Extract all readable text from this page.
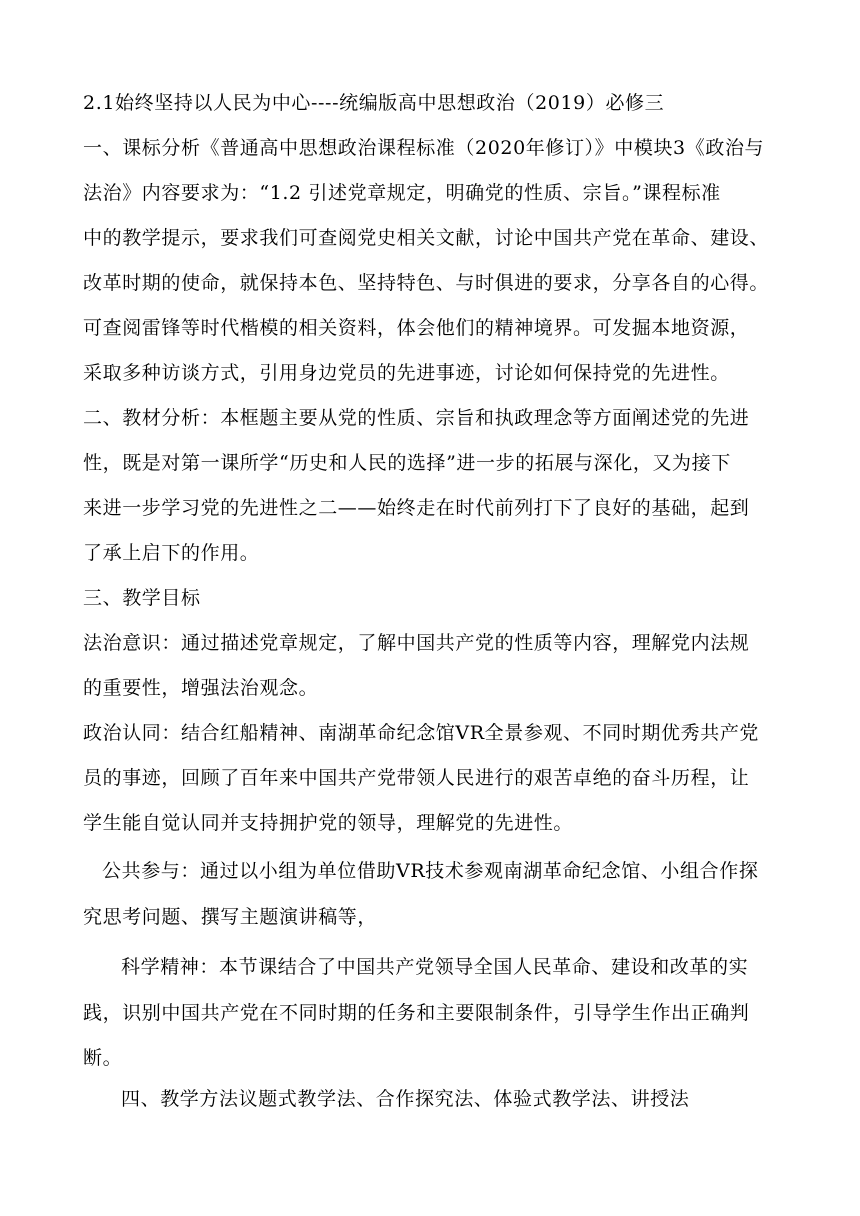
2.1始终坚持以人民为中心----统编版高中思想政治（2019）必修三
一、课标分析《普通高中思想政治课程标准（2020年修订）》中模块3《政治与
法治》内容要求为：“1.2 引述党章规定，明确党的性质、宗旨。”课程标准
中的教学提示，要求我们可查阅党史相关文献，讨论中国共产党在革命、建设、
改革时期的使命，就保持本色、坚持特色、与时俱进的要求，分享各自的心得。
可查阅雷锋等时代楷模的相关资料，体会他们的精神境界。可发掘本地资源，
采取多种访谈方式，引用身边党员的先进事迹，讨论如何保持党的先进性。
二、教材分析：本框题主要从党的性质、宗旨和执政理念等方面阐述党的先进
性，既是对第一课所学“历史和人民的选择”进一步的拓展与深化，又为接下
来进一步学习党的先进性之二——始终走在时代前列打下了良好的基础，起到
了承上启下的作用。
三、教学目标
法治意识：通过描述党章规定，了解中国共产党的性质等内容，理解党内法规
的重要性，增强法治观念。
政治认同：结合红船精神、南湖革命纪念馆VR全景参观、不同时期优秀共产党
员的事迹，回顾了百年来中国共产党带领人民进行的艰苦卓绝的奋斗历程，让
学生能自觉认同并支持拥护党的领导，理解党的先进性。
公共参与：通过以小组为单位借助VR技术参观南湖革命纪念馆、小组合作探
究思考问题、撰写主题演讲稿等，
科学精神：本节课结合了中国共产党领导全国人民革命、建设和改革的实
践，识别中国共产党在不同时期的任务和主要限制条件，引导学生作出正确判
断。
四、教学方法议题式教学法、合作探究法、体验式教学法、讲授法
